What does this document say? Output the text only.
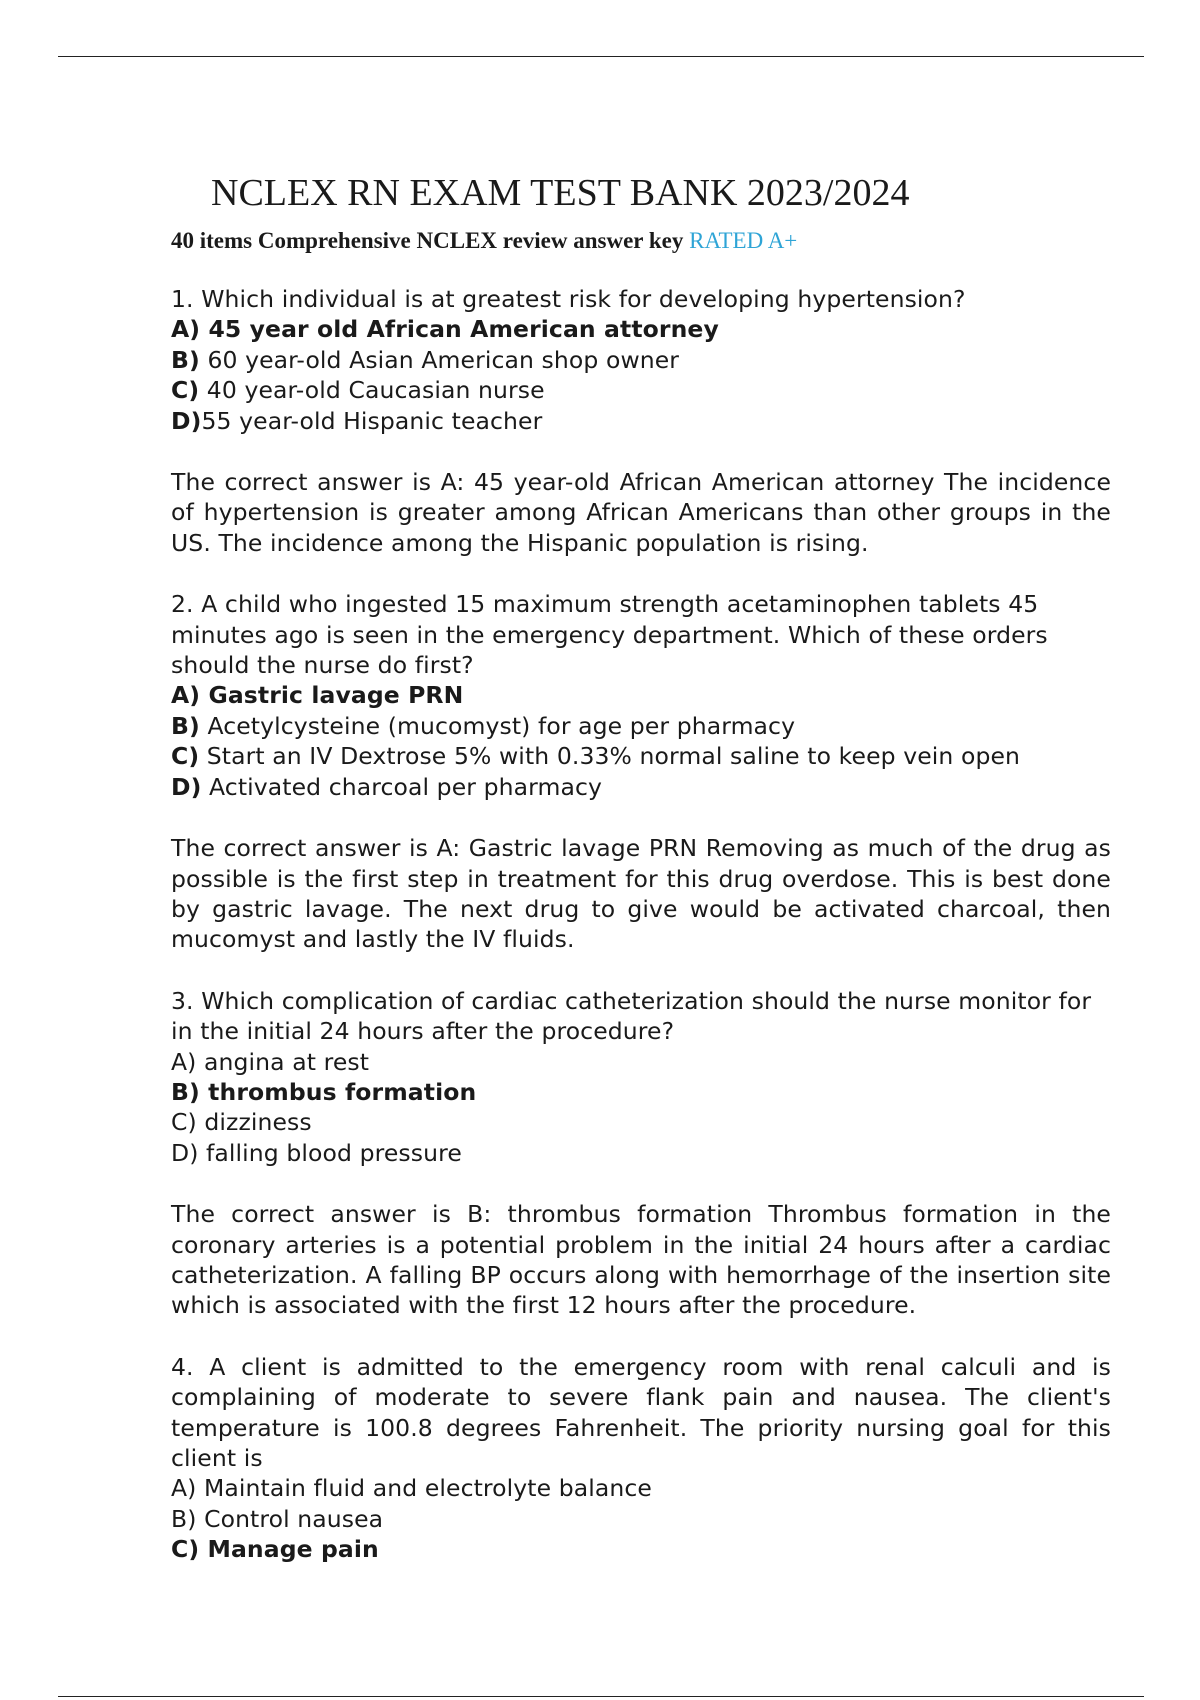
NCLEX RN EXAM TEST BANK 2023/2024
40 items Comprehensive NCLEX review answer key RATED A+

1. Which individual is at greatest risk for developing hypertension?

A) 45 year old African American attorney
B) 60 year-old Asian American shop owner
C) 40 year-old Caucasian nurse
D)55 year-old Hispanic teacher

The correct answer is A: 45 year-old African American attorney The incidence of hypertension is greater among African Americans than other groups in the US. The incidence among the Hispanic population is rising.

2. A child who ingested 15 maximum strength acetaminophen tablets 45 minutes ago is seen in the emergency department. Which of these orders should the nurse do first?

A) Gastric lavage PRN
B) Acetylcysteine (mucomyst) for age per pharmacy
C) Start an IV Dextrose 5% with 0.33% normal saline to keep vein open
D) Activated charcoal per pharmacy

The correct answer is A: Gastric lavage PRN Removing as much of the drug as possible is the first step in treatment for this drug overdose. This is best done by gastric lavage. The next drug to give would be activated charcoal, then mucomyst and lastly the IV fluids.

3. Which complication of cardiac catheterization should the nurse monitor for in the initial 24 hours after the procedure?

A) angina at rest
B) thrombus formation
C) dizziness
D) falling blood pressure

The correct answer is B: thrombus formation Thrombus formation in the coronary arteries is a potential problem in the initial 24 hours after a cardiac catheterization. A falling BP occurs along with hemorrhage of the insertion site which is associated with the first 12 hours after the procedure.

4. A client is admitted to the emergency room with renal calculi and is complaining of moderate to severe flank pain and nausea. The client's temperature is 100.8 degrees Fahrenheit. The priority nursing goal for this client is

A) Maintain fluid and electrolyte balance
B) Control nausea
C) Manage pain
